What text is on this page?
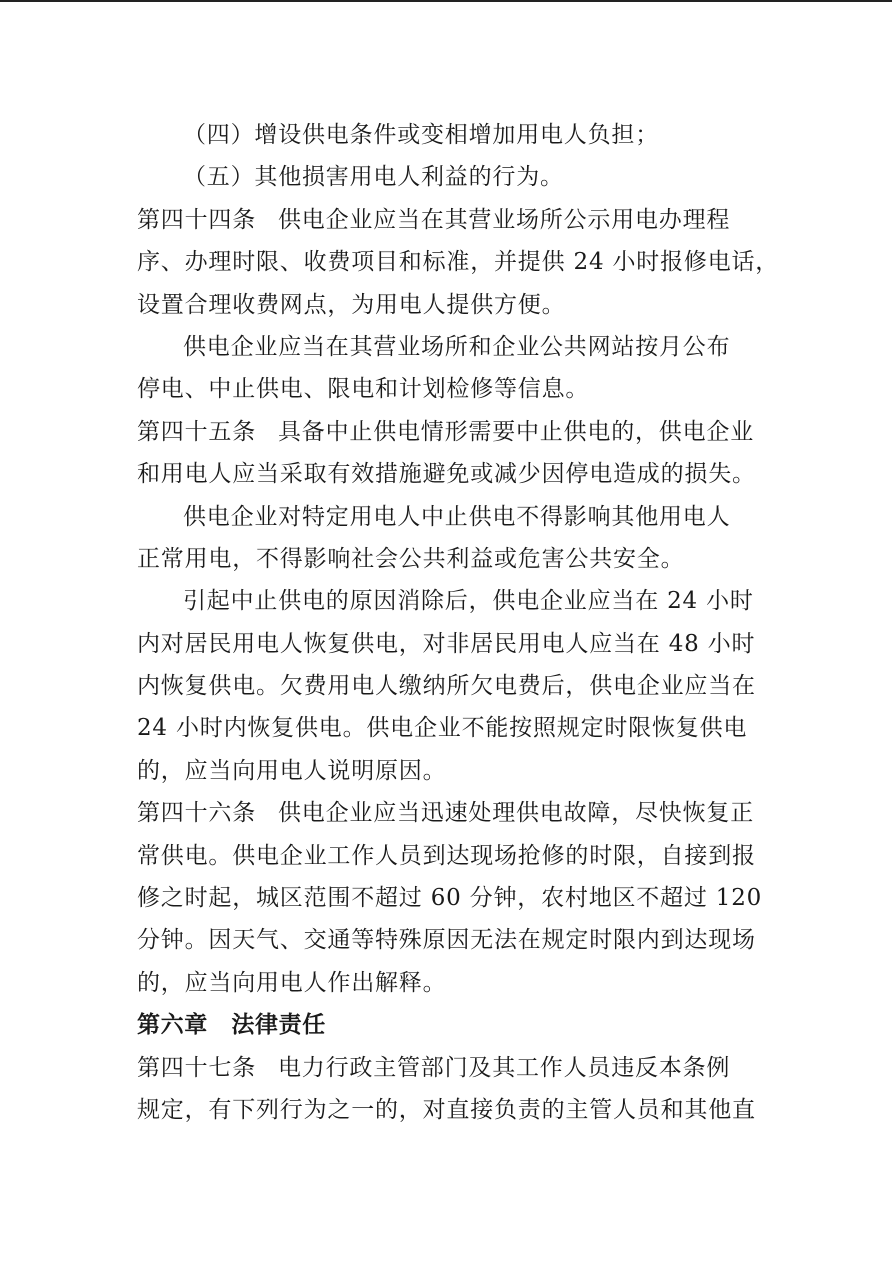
（四）增设供电条件或变相增加用电人负担；
（五）其他损害用电人利益的行为。
第四十四条 供电企业应当在其营业场所公示用电办理程
序、办理时限、收费项目和标准，并提供 24 小时报修电话，
设置合理收费网点，为用电人提供方便。
供电企业应当在其营业场所和企业公共网站按月公布
停电、中止供电、限电和计划检修等信息。
第四十五条 具备中止供电情形需要中止供电的，供电企业
和用电人应当采取有效措施避免或减少因停电造成的损失。
供电企业对特定用电人中止供电不得影响其他用电人
正常用电，不得影响社会公共利益或危害公共安全。
引起中止供电的原因消除后，供电企业应当在 24 小时
内对居民用电人恢复供电，对非居民用电人应当在 48 小时
内恢复供电。欠费用电人缴纳所欠电费后，供电企业应当在
24 小时内恢复供电。供电企业不能按照规定时限恢复供电
的，应当向用电人说明原因。
第四十六条 供电企业应当迅速处理供电故障，尽快恢复正
常供电。供电企业工作人员到达现场抢修的时限，自接到报
修之时起，城区范围不超过 60 分钟，农村地区不超过 120
分钟。因天气、交通等特殊原因无法在规定时限内到达现场
的，应当向用电人作出解释。
第六章　法律责任
第四十七条 电力行政主管部门及其工作人员违反本条例
规定，有下列行为之一的，对直接负责的主管人员和其他直
